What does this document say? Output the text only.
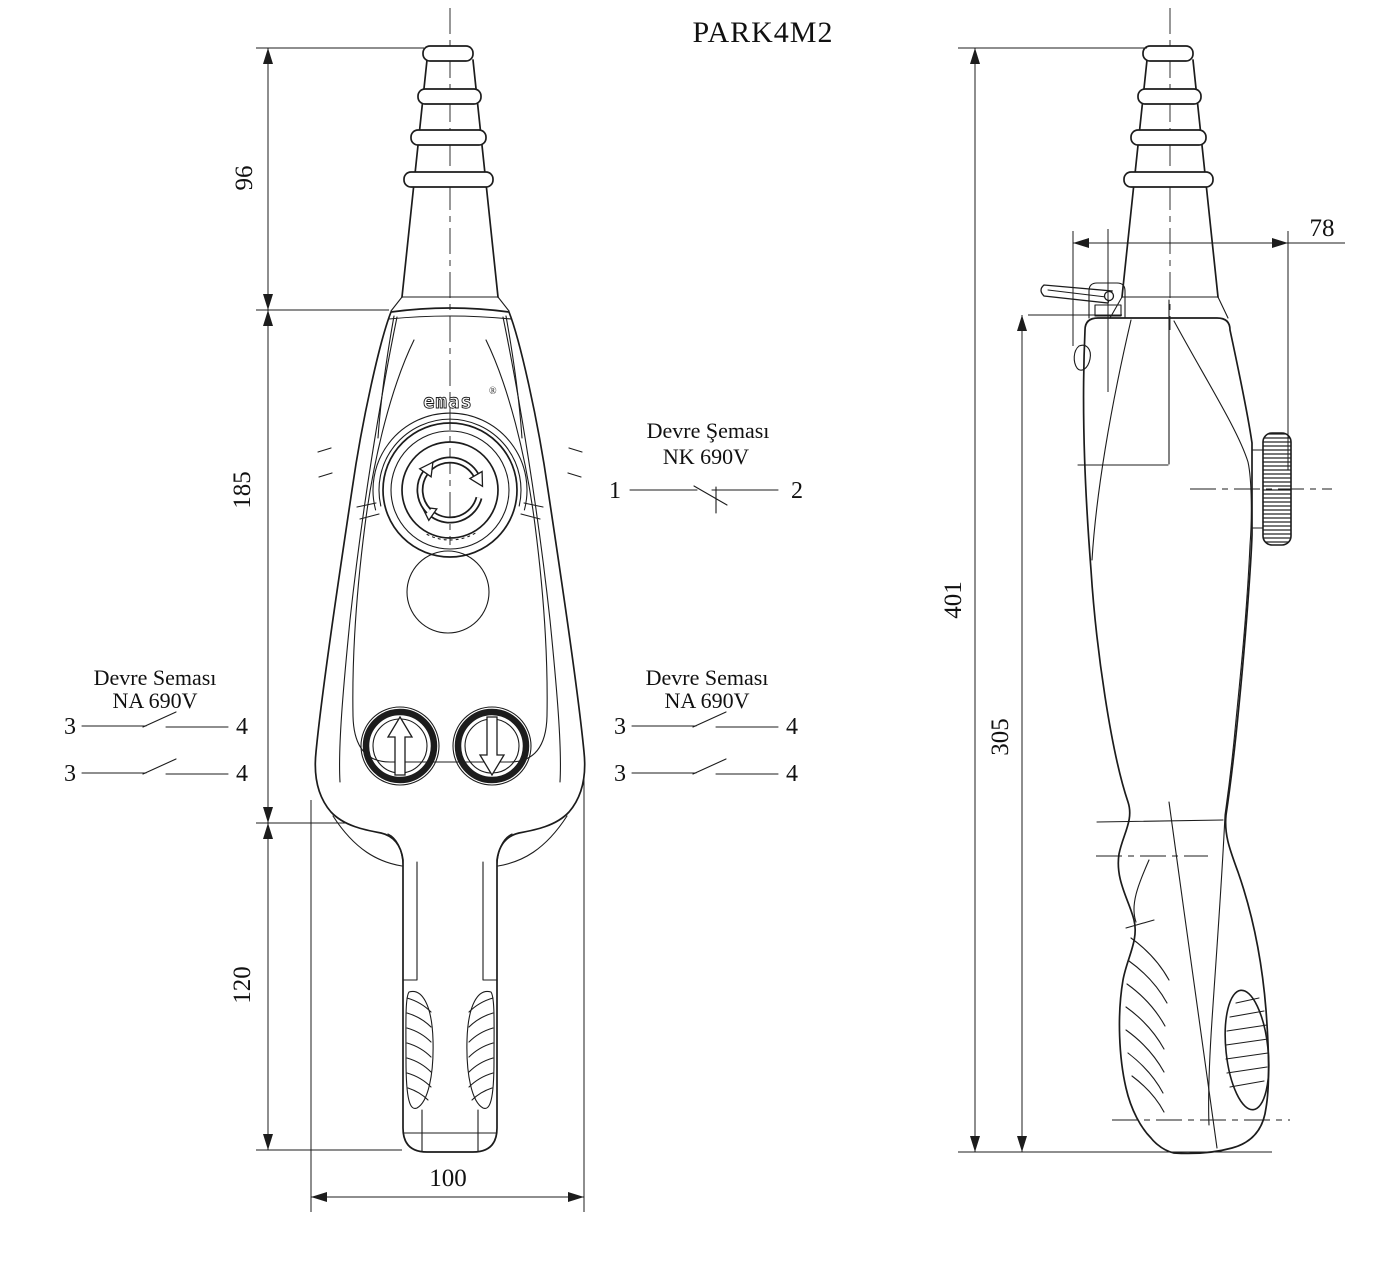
PARK4M2
emas ®
96
185
120
100
Devre Şeması
NK 690V
1	2
Devre Seması
NA 690V
3	4
3	4
Devre Seması
NA 690V
3	4
3	4
401
305
78
